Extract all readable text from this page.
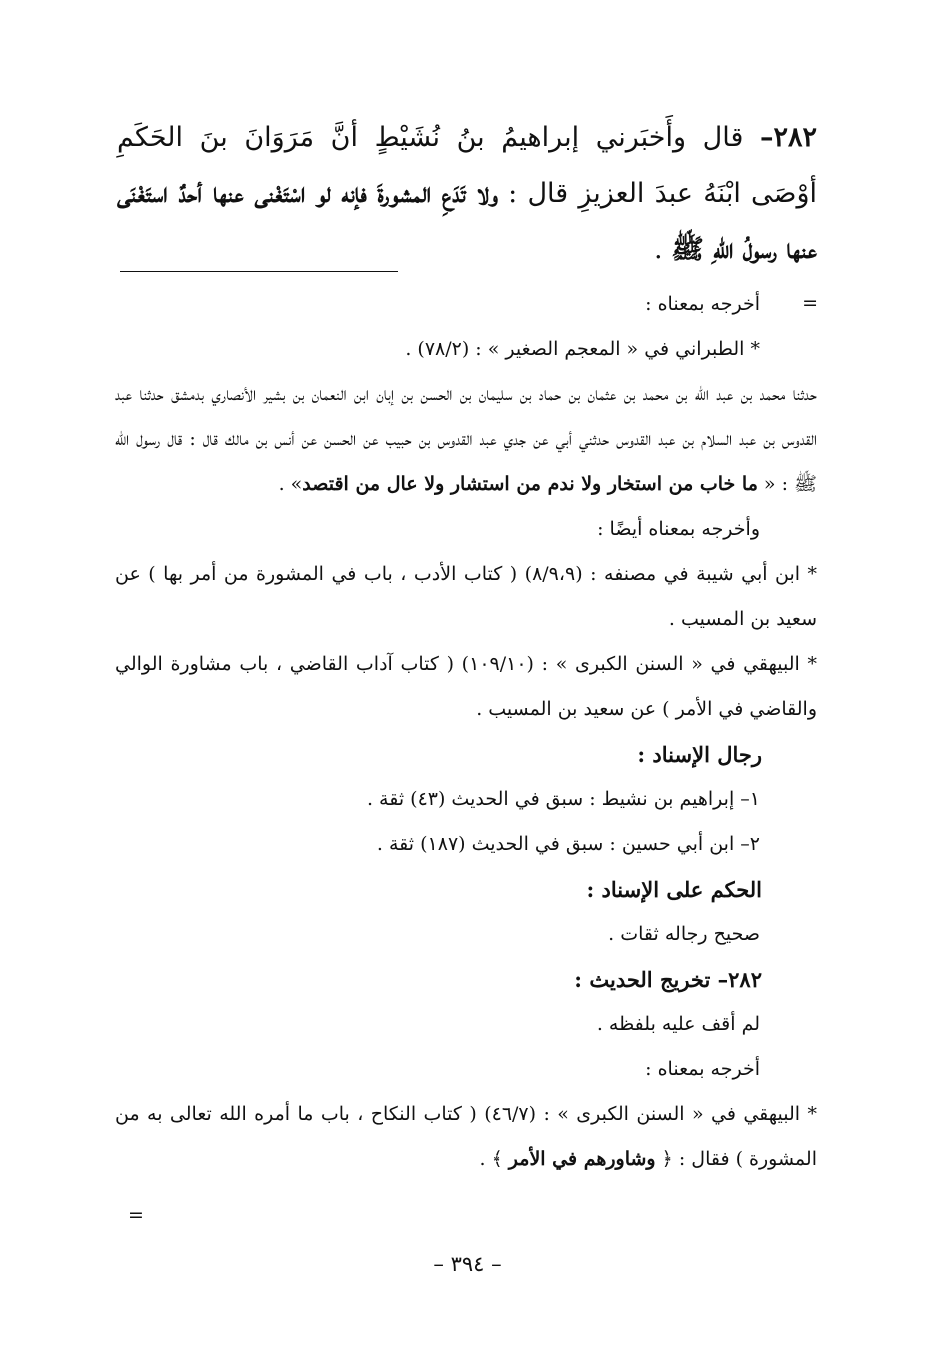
٢٨٢– قال وأَخبَرني إبراهيمُ بنُ نُشَيْطٍ أنَّ مَرَوَانَ بنَ الحَكَمِ أوْصَى ابْنَهُ عبدَ العزيزِ قال : ولا تَدَعِ المشورةَ فإنه لو اسْتَغْنى عنها أحدٌ استَغْنَى عنها رسولُ اللهِ ﷺ .

=

أخرجه بمعناه :

* الطبراني في « المعجم الصغير » : (٧٨/٢) .

حدثنا محمد بن عبد الله بن محمد بن عثمان بن حماد بن سليمان بن الحسن بن إبان ابن النعمان بن بشير الأنصاري بدمشق حدثنا عبد القدوس بن عبد السلام بن عبد القدوس حدثني أبي عن جدي عبد القدوس بن حبيب عن الحسن عن أنس بن مالك قال : قال رسول الله ﷺ : « ما خاب من استخار ولا ندم من استشار ولا عال من اقتصد» .

وأخرجه بمعناه أيضًا :

* ابن أبي شيبة في مصنفه : (٨/٩،٩) ( كتاب الأدب ، باب في المشورة من أمر بها ) عن سعيد بن المسيب .

* البيهقي في « السنن الكبرى » : (١٠٩/١٠) ( كتاب آداب القاضي ، باب مشاورة الوالي والقاضي في الأمر ) عن سعيد بن المسيب .

رجال الإسناد :

١– إبراهيم بن نشيط : سبق في الحديث (٤٣) ثقة .

٢– ابن أبي حسين : سبق في الحديث (١٨٧) ثقة .

الحكم على الإسناد :

صحيح رجاله ثقات .

٢٨٢– تخريج الحديث :

لم أقف عليه بلفظه .

أخرجه بمعناه :

* البيهقي في « السنن الكبرى » : (٤٦/٧) ( كتاب النكاح ، باب ما أمره الله تعالى به من المشورة ) فقال : ﴿ وشاورهم في الأمر ﴾ .

=
– ٣٩٤ –
